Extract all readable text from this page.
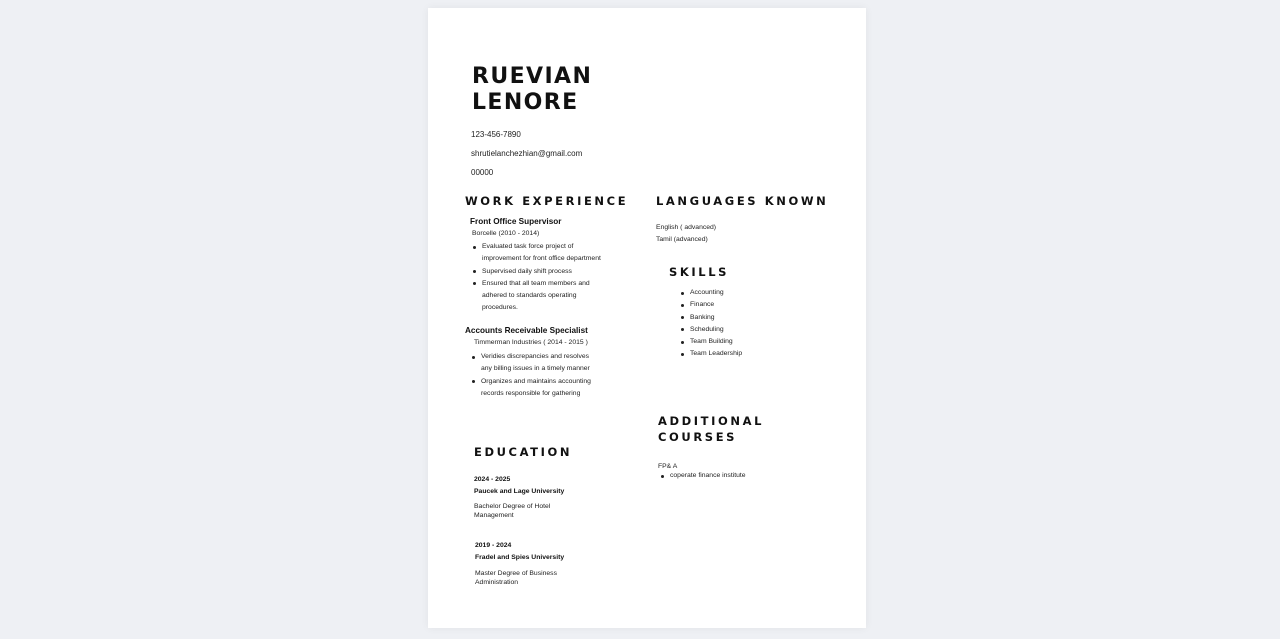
RUEVIAN
LENORE
123-456-7890
shrutielanchezhian@gmail.com
00000
WORK EXPERIENCE
Front Office Supervisor
Borcelle (2010 - 2014)
Evaluated task force project of
improvement for front office department
Supervised daily shift process
Ensured that all team members and
adhered to standards operating
procedures.
Accounts Receivable Specialist
Timmerman Industries ( 2014 - 2015 )
Veridies discrepancies and resolves
any billing issues in a timely manner
Organizes and maintains accounting
records responsible for gathering
EDUCATION
2024 - 2025
Paucek and Lage University
Bachelor Degree of Hotel Management
2019 - 2024
Fradel and Spies University
Master Degree of Business Administration
LANGUAGES KNOWN
English ( advanced)
Tamil (advanced)
SKILLS
Accounting
Finance
Banking
Scheduling
Team Building
Team Leadership
ADDITIONAL
COURSES
FP& A
coperate finance institute
